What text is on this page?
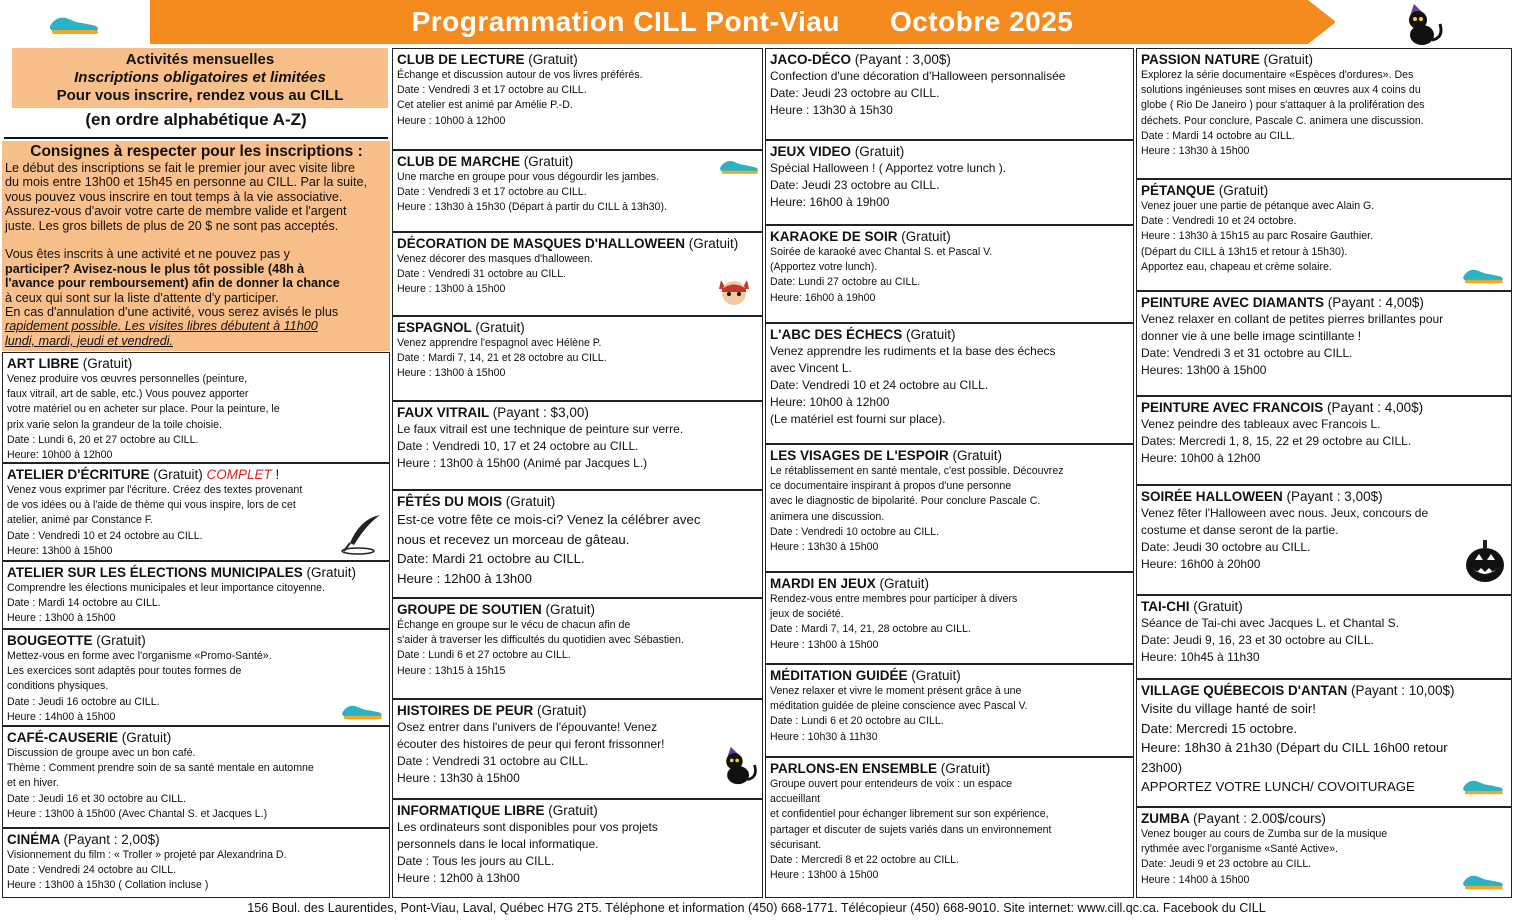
Programmation CILL Pont-Viau Octobre 2025
Activités mensuelles
Inscriptions obligatoires et limitées
Pour vous inscrire, rendez vous au CILL
(en ordre alphabétique A-Z)
Consignes à respecter pour les inscriptions :
Le début des inscriptions se fait le premier jour avec visite libre
du mois entre 13h00 et 15h45 en personne au CILL. Par la suite,
vous pouvez vous inscrire en tout temps à la vie associative.
Assurez-vous d'avoir votre carte de membre valide et l'argent
juste. Les gros billets de plus de 20 $ ne sont pas acceptés.

Vous êtes inscrits à une activité et ne pouvez pas y
participer? Avisez-nous le plus tôt possible (48h à
l'avance pour remboursement) afin de donner la chance
à ceux qui sont sur la liste d'attente d'y participer.
En cas d'annulation d'une activité, vous serez avisés le plus
rapidement possible. Les visites libres débutent à 11h00
lundi, mardi, jeudi et vendredi.
ART LIBRE (Gratuit)
Venez produire vos œuvres personnelles (peinture,
faux vitrail, art de sable, etc.) Vous pouvez apporter
votre matériel ou en acheter sur place. Pour la peinture, le
prix varie selon la grandeur de la toile choisie.
Date : Lundi 6, 20 et 27 octobre au CILL.
Heure: 10h00 à 12h00
ATELIER D'ÉCRITURE (Gratuit) COMPLET !
Venez vous exprimer par l'écriture. Créez des textes provenant
de vos idées ou à l'aide de thème qui vous inspire, lors de cet
atelier, animé par Constance F.
Date : Vendredi 10 et 24 octobre au CILL.
Heure: 13h00 à 15h00
ATELIER SUR LES ÉLECTIONS MUNICIPALES (Gratuit)
Comprendre les élections municipales et leur importance citoyenne.
Date : Mardi 14 octobre au CILL.
Heure : 13h00 à 15h00
BOUGEOTTE (Gratuit)
Mettez-vous en forme avec l'organisme «Promo-Santé».
Les exercices sont adaptés pour toutes formes de
conditions physiques.
Date : Jeudi 16 octobre au CILL.
Heure : 14h00 à 15h00
CAFÉ-CAUSERIE (Gratuit)
Discussion de groupe avec un bon café.
Thème : Comment prendre soin de sa santé mentale en automne
et en hiver.
Date : Jeudi 16 et 30 octobre au CILL.
Heure : 13h00 à 15h00 (Avec Chantal S. et Jacques L.)
CINÉMA (Payant : 2,00$)
Visionnement du film : « Troller » projeté par Alexandrina D.
Date : Vendredi 24 octobre au CILL.
Heure : 13h00 à 15h30 ( Collation incluse )
CLUB DE LECTURE (Gratuit)
Échange et discussion autour de vos livres préférés.
Date : Vendredi 3 et 17 octobre au CILL.
Cet atelier est animé par Amélie P.-D.
Heure : 10h00 à 12h00
CLUB DE MARCHE (Gratuit)
Une marche en groupe pour vous dégourdir les jambes.
Date : Vendredi 3 et 17 octobre au CILL.
Heure : 13h30 à 15h30 (Départ à partir du CILL à 13h30).
DÉCORATION DE MASQUES D'HALLOWEEN (Gratuit)
Venez décorer des masques d'halloween.
Date : Vendredi 31 octobre au CILL.
Heure : 13h00 à 15h00
ESPAGNOL (Gratuit)
Venez apprendre l'espagnol avec Hélène P.
Date : Mardi 7, 14, 21 et 28 octobre au CILL.
Heure : 13h00 à 15h00
FAUX VITRAIL (Payant : $3,00)
Le faux vitrail est une technique de peinture sur verre.
Date : Vendredi 10, 17 et 24 octobre au CILL.
Heure : 13h00 à 15h00 (Animé par Jacques L.)
FÊTÉS DU MOIS (Gratuit)
Est-ce votre fête ce mois-ci? Venez la célébrer avec
nous et recevez un morceau de gâteau.
Date: Mardi 21 octobre au CILL.
Heure : 12h00 à 13h00
GROUPE DE SOUTIEN (Gratuit)
Échange en groupe sur le vécu de chacun afin de
s'aider à traverser les difficultés du quotidien avec Sébastien.
Date : Lundi 6 et 27 octobre au CILL.
Heure : 13h15 à 15h15
HISTOIRES DE PEUR (Gratuit)
Osez entrer dans l'univers de l'épouvante! Venez
écouter des histoires de peur qui feront frissonner!
Date : Vendredi 31 octobre au CILL.
Heure : 13h30 à 15h00
INFORMATIQUE LIBRE (Gratuit)
Les ordinateurs sont disponibles pour vos projets
personnels dans le local informatique.
Date : Tous les jours au CILL.
Heure : 12h00 à 13h00
JACO-DÉCO (Payant : 3,00$)
Confection d'une décoration d'Halloween personnalisée
Date: Jeudi 23 octobre au CILL.
Heure : 13h30 à 15h30
JEUX VIDEO (Gratuit)
Spécial Halloween ! ( Apportez votre lunch ).
Date: Jeudi 23 octobre au CILL.
Heure: 16h00 à 19h00
KARAOKE DE SOIR (Gratuit)
Soirée de karaoké avec Chantal S. et Pascal V.
(Apportez votre lunch).
Date: Lundi 27 octobre au CILL.
Heure: 16h00 à 19h00
L'ABC DES ÉCHECS (Gratuit)
Venez apprendre les rudiments et la base des échecs
avec Vincent L.
Date: Vendredi 10 et 24 octobre au CILL.
Heure: 10h00 à 12h00
(Le matériel est fourni sur place).
LES VISAGES DE L'ESPOIR (Gratuit)
Le rétablissement en santé mentale, c'est possible. Découvrez
ce documentaire inspirant à propos d'une personne
avec le diagnostic de bipolarité. Pour conclure Pascale C.
animera une discussion.
Date : Vendredi 10 octobre au CILL.
Heure : 13h30 à 15h00
MARDI EN JEUX (Gratuit)
Rendez-vous entre membres pour participer à divers
jeux de société.
Date : Mardi 7, 14, 21, 28 octobre au CILL.
Heure : 13h00 à 15h00
MÉDITATION GUIDÉE (Gratuit)
Venez relaxer et vivre le moment présent grâce à une
méditation guidée de pleine conscience avec Pascal V.
Date : Lundi 6 et 20 octobre au CILL.
Heure : 10h30 à 11h30
PARLONS-EN ENSEMBLE (Gratuit)
Groupe ouvert pour entendeurs de voix : un espace
accueillant
et confidentiel pour échanger librement sur son expérience,
partager et discuter de sujets variés dans un environnement
sécurisant.
Date : Mercredi 8 et 22 octobre au CILL.
Heure : 13h00 à 15h00
PASSION NATURE (Gratuit)
Explorez la série documentaire «Espèces d'ordures». Des
solutions ingénieuses sont mises en œuvres aux 4 coins du
globe ( Rio De Janeiro ) pour s'attaquer à la prolifération des
déchets. Pour conclure, Pascale C. animera une discussion.
Date : Mardi 14 octobre au CILL.
Heure : 13h30 à 15h00
PÉTANQUE (Gratuit)
Venez jouer une partie de pétanque avec Alain G.
Date : Vendredi 10 et 24 octobre.
Heure : 13h30 à 15h15 au parc Rosaire Gauthier.
(Départ du CILL à 13h15 et retour à 15h30).
Apportez eau, chapeau et crème solaire.
PEINTURE AVEC DIAMANTS (Payant : 4,00$)
Venez relaxer en collant de petites pierres brillantes pour
donner vie à une belle image scintillante !
Date: Vendredi 3 et 31 octobre au CILL.
Heures: 13h00 à 15h00
PEINTURE AVEC FRANCOIS (Payant : 4,00$)
Venez peindre des tableaux avec Francois L.
Dates: Mercredi 1, 8, 15, 22 et 29 octobre au CILL.
Heure: 10h00 à 12h00
SOIRÉE HALLOWEEN (Payant : 3,00$)
Venez fêter l'Halloween avec nous. Jeux, concours de
costume et danse seront de la partie.
Date: Jeudi 30 octobre au CILL.
Heure: 16h00 à 20h00
TAI-CHI (Gratuit)
Séance de Tai-chi avec Jacques L. et Chantal S.
Date: Jeudi 9, 16, 23 et 30 octobre au CILL.
Heure: 10h45 à 11h30
VILLAGE QUÉBECOIS D'ANTAN (Payant : 10,00$)
Visite du village hanté de soir!
Date: Mercredi 15 octobre.
Heure: 18h30 à 21h30 (Départ du CILL 16h00 retour
23h00)
APPORTEZ VOTRE LUNCH/ COVOITURAGE
ZUMBA (Payant : 2.00$/cours)
Venez bouger au cours de Zumba sur de la musique
rythmée avec l'organisme «Santé Active».
Date: Jeudi 9 et 23 octobre au CILL.
Heure : 14h00 à 15h00
156 Boul. des Laurentides, Pont-Viau, Laval, Québec H7G 2T5. Téléphone et information (450) 668-1771. Télécopieur (450) 668-9010. Site internet: www.cill.qc.ca. Facebook du CILL
